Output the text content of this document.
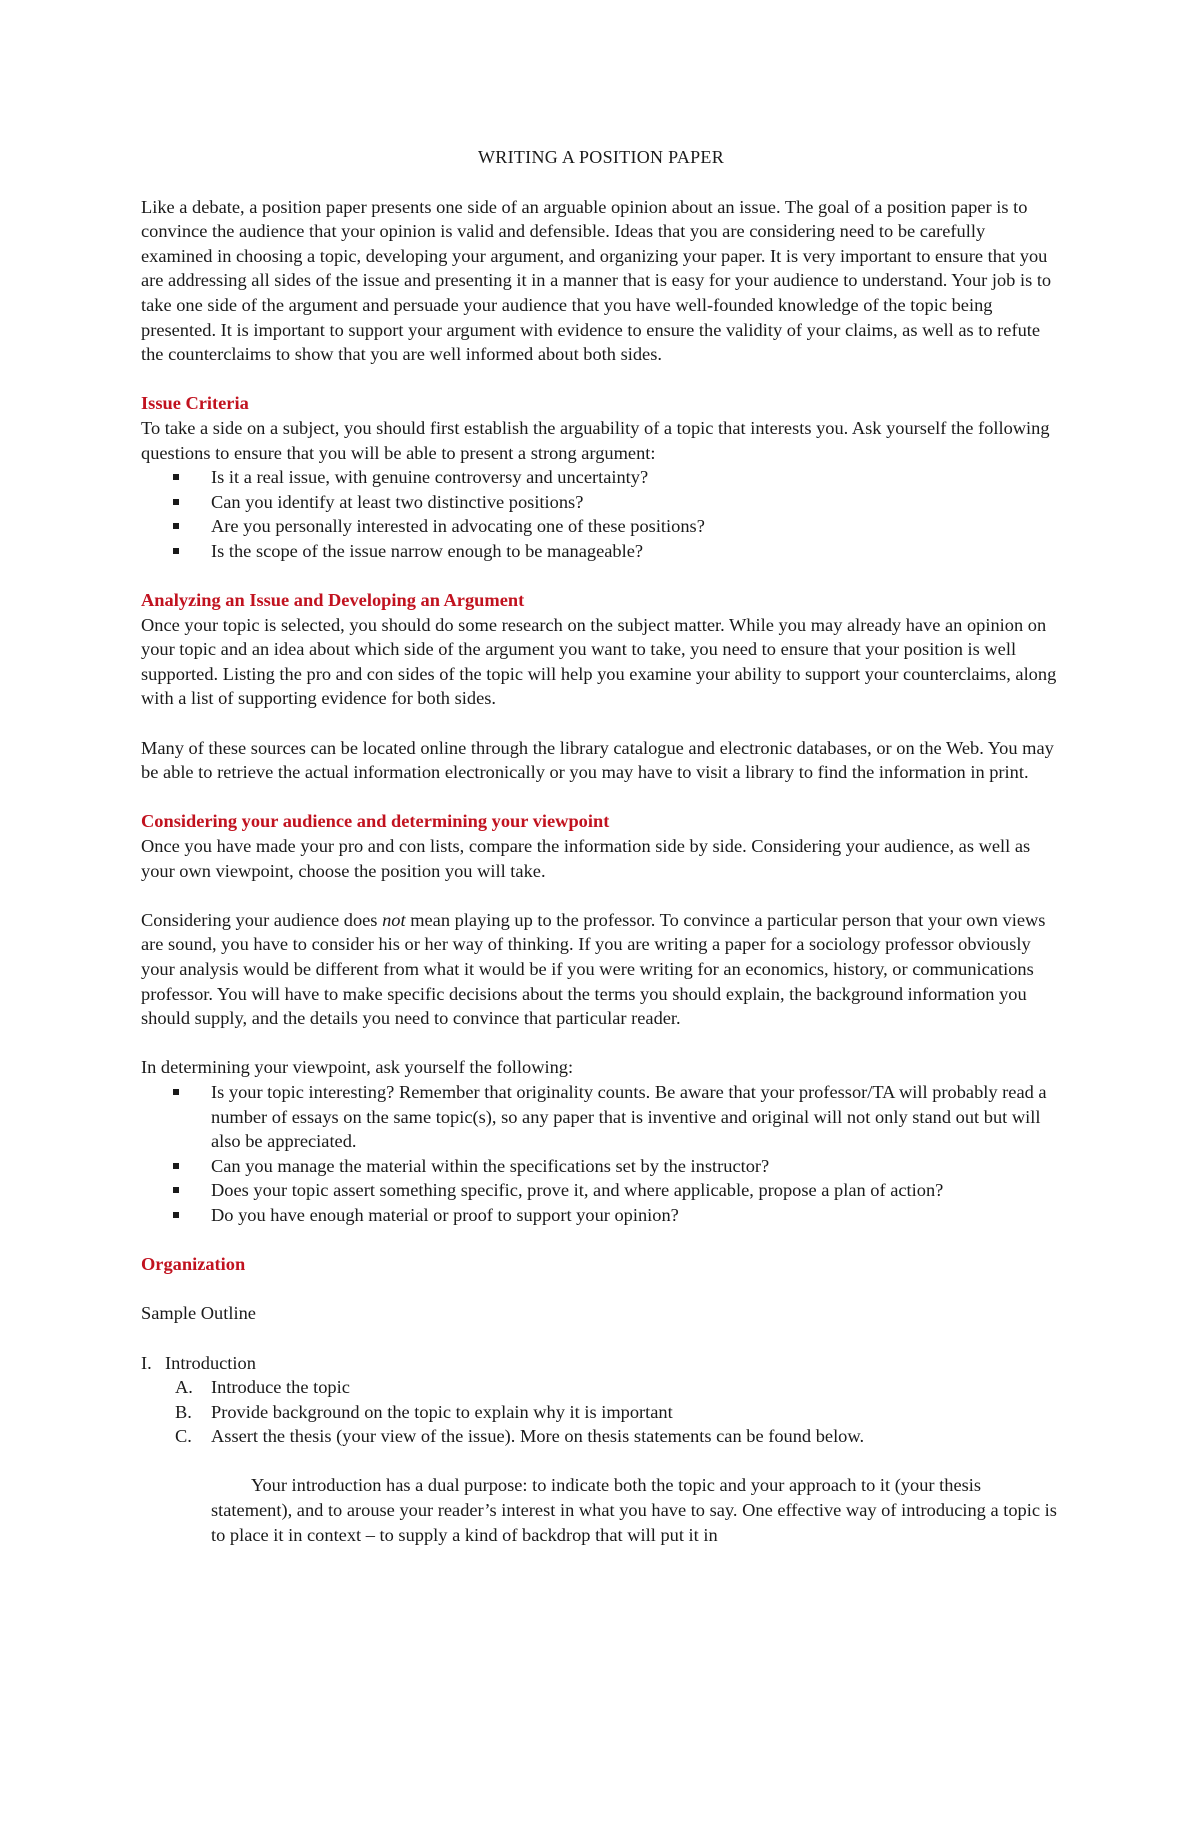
WRITING A POSITION PAPER

Like a debate, a position paper presents one side of an arguable opinion about an issue. The goal of a position paper is to convince the audience that your opinion is valid and defensible. Ideas that you are considering need to be carefully examined in choosing a topic, developing your argument, and organizing your paper. It is very important to ensure that you are addressing all sides of the issue and presenting it in a manner that is easy for your audience to understand. Your job is to take one side of the argument and persuade your audience that you have well-founded knowledge of the topic being presented. It is important to support your argument with evidence to ensure the validity of your claims, as well as to refute the counterclaims to show that you are well informed about both sides.

Issue Criteria

To take a side on a subject, you should first establish the arguability of a topic that interests you. Ask yourself the following questions to ensure that you will be able to present a strong argument:

Is it a real issue, with genuine controversy and uncertainty?
Can you identify at least two distinctive positions?
Are you personally interested in advocating one of these positions?
Is the scope of the issue narrow enough to be manageable?

Analyzing an Issue and Developing an Argument

Once your topic is selected, you should do some research on the subject matter. While you may already have an opinion on your topic and an idea about which side of the argument you want to take, you need to ensure that your position is well supported. Listing the pro and con sides of the topic will help you examine your ability to support your counterclaims, along with a list of supporting evidence for both sides.

Many of these sources can be located online through the library catalogue and electronic databases, or on the Web. You may be able to retrieve the actual information electronically or you may have to visit a library to find the information in print.

Considering your audience and determining your viewpoint

Once you have made your pro and con lists, compare the information side by side. Considering your audience, as well as your own viewpoint, choose the position you will take.

Considering your audience does not mean playing up to the professor. To convince a particular person that your own views are sound, you have to consider his or her way of thinking. If you are writing a paper for a sociology professor obviously your analysis would be different from what it would be if you were writing for an economics, history, or communications professor. You will have to make specific decisions about the terms you should explain, the background information you should supply, and the details you need to convince that particular reader.

In determining your viewpoint, ask yourself the following:

Is your topic interesting? Remember that originality counts. Be aware that your professor/TA will probably read a number of essays on the same topic(s), so any paper that is inventive and original will not only stand out but will also be appreciated.
Can you manage the material within the specifications set by the instructor?
Does your topic assert something specific, prove it, and where applicable, propose a plan of action?
Do you have enough material or proof to support your opinion?

Organization

Sample Outline

I. Introduction
A. Introduce the topic
B. Provide background on the topic to explain why it is important
C. Assert the thesis (your view of the issue). More on thesis statements can be found below.

Your introduction has a dual purpose: to indicate both the topic and your approach to it (your thesis statement), and to arouse your reader’s interest in what you have to say. One effective way of introducing a topic is to place it in context – to supply a kind of backdrop that will put it in
